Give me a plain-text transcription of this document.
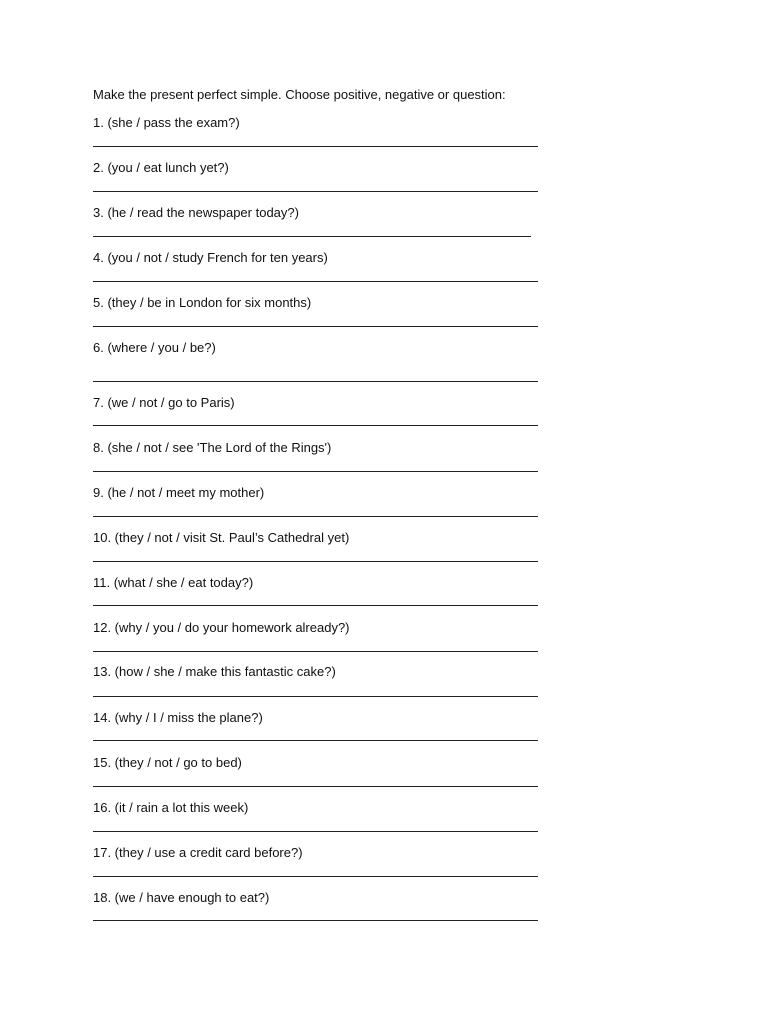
Make the present perfect simple. Choose positive, negative or question:
1. (she / pass the exam?)
2. (you / eat lunch yet?)
3. (he / read the newspaper today?)
4. (you / not / study French for ten years)
5. (they / be in London for six months)
6. (where / you / be?)
7. (we / not / go to Paris)
8. (she / not / see 'The Lord of the Rings')
9. (he / not / meet my mother)
10. (they / not / visit St. Paul’s Cathedral yet)
11. (what / she / eat today?)
12. (why / you / do your homework already?)
13. (how / she / make this fantastic cake?)
14. (why / I / miss the plane?)
15. (they / not / go to bed)
16. (it / rain a lot this week)
17. (they / use a credit card before?)
18. (we / have enough to eat?)
